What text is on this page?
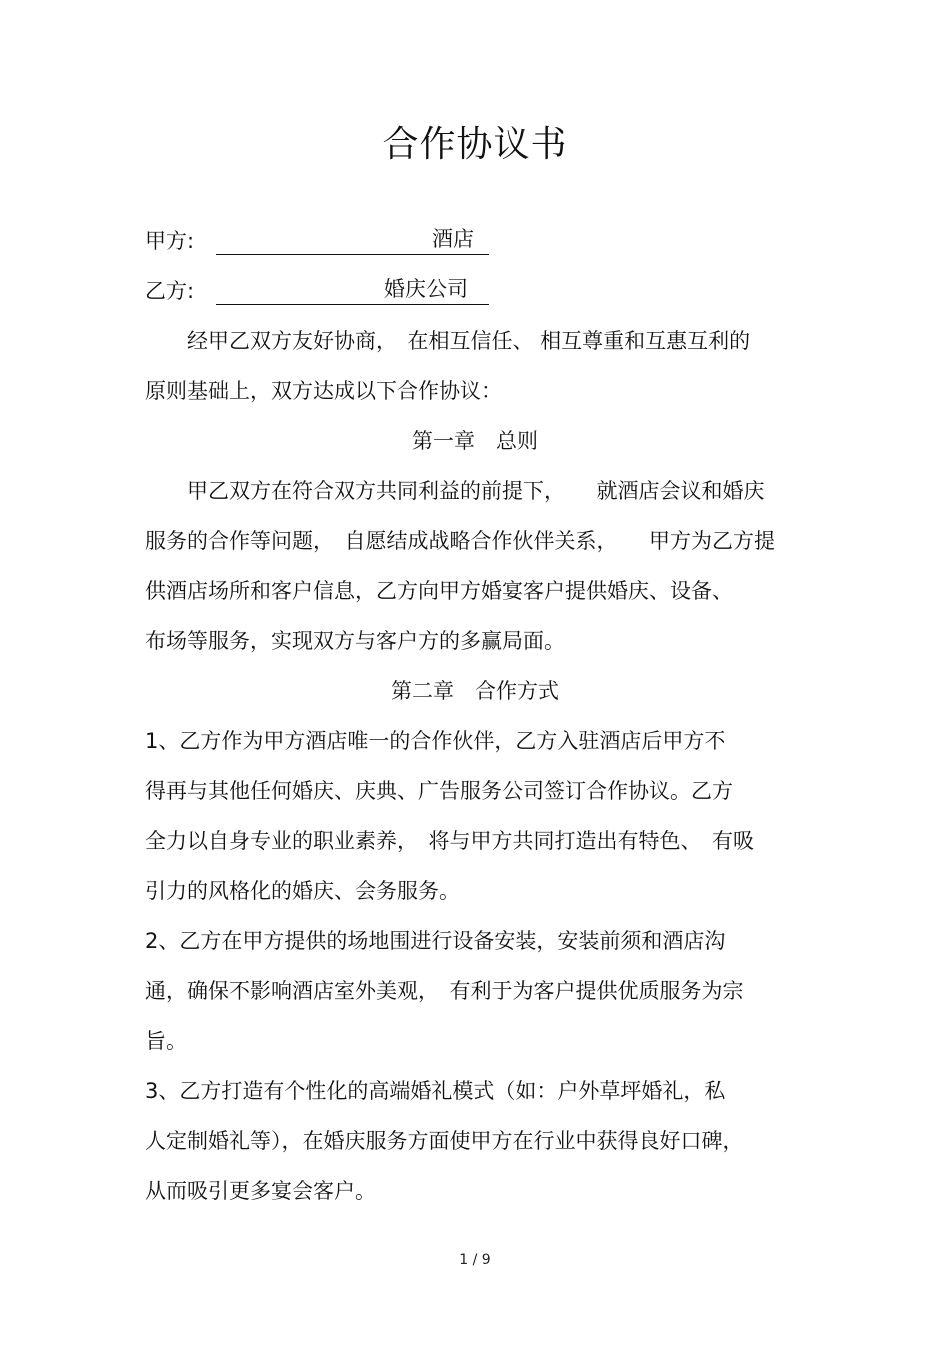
合作协议书
甲方:	酒店
乙方:	婚庆公司
　　经甲乙双方友好协商，　在相互信任、 相互尊重和互惠互利的
原则基础上，双方达成以下合作协议：
第一章　总则
　　甲乙双方在符合双方共同利益的前提下，　　就酒店会议和婚庆
服务的合作等问题，　自愿结成战略合作伙伴关系，　　甲方为乙方提
供酒店场所和客户信息，乙方向甲方婚宴客户提供婚庆、设备、
布场等服务，实现双方与客户方的多赢局面。
第二章　合作方式
1、乙方作为甲方酒店唯一的合作伙伴，乙方入驻酒店后甲方不
得再与其他任何婚庆、庆典、广告服务公司签订合作协议。乙方
全力以自身专业的职业素养，　将与甲方共同打造出有特色、　有吸
引力的风格化的婚庆、会务服务。
2、乙方在甲方提供的场地围进行设备安装，安装前须和酒店沟
通，确保不影响酒店室外美观，　有利于为客户提供优质服务为宗
旨。
3、乙方打造有个性化的高端婚礼模式（如：户外草坪婚礼，私
人定制婚礼等），在婚庆服务方面使甲方在行业中获得良好口碑，
从而吸引更多宴会客户。
1 / 9
